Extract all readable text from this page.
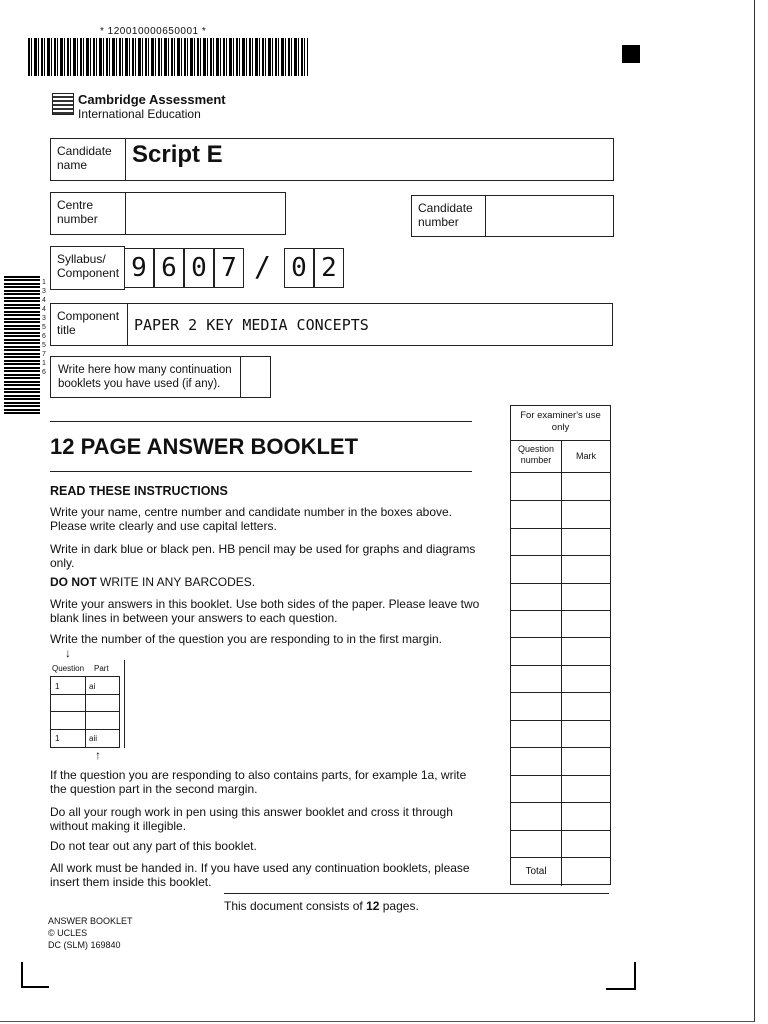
* 120010000650001 *
Cambridge Assessment
International Education
Candidate name	Script E
Centre number
Candidate number
Syllabus/ Component 9 6 0 7 / 0 2
Component title	PAPER 2 KEY MEDIA CONCEPTS
Write here how many continuation booklets you have used (if any).
1 3 4 4 3 5 6 5 7 1 6
12 PAGE ANSWER BOOKLET
READ THESE INSTRUCTIONS
Write your name, centre number and candidate number in the boxes above. Please write clearly and use capital letters.
Write in dark blue or black pen. HB pencil may be used for graphs and diagrams only.
DO NOT WRITE IN ANY BARCODES.
Write your answers in this booklet. Use both sides of the paper. Please leave two blank lines in between your answers to each question.
Write the number of the question you are responding to in the first margin.
↓
Question Part
1	ai
1	aii
↑
If the question you are responding to also contains parts, for example 1a, write the question part in the second margin.
Do all your rough work in pen using this answer booklet and cross it through without making it illegible.
Do not tear out any part of this booklet.
All work must be handed in. If you have used any continuation booklets, please insert them inside this booklet.
For examiner's use only
Question number	Mark
Total
This document consists of 12 pages.
ANSWER BOOKLET
© UCLES
DC (SLM) 169840
